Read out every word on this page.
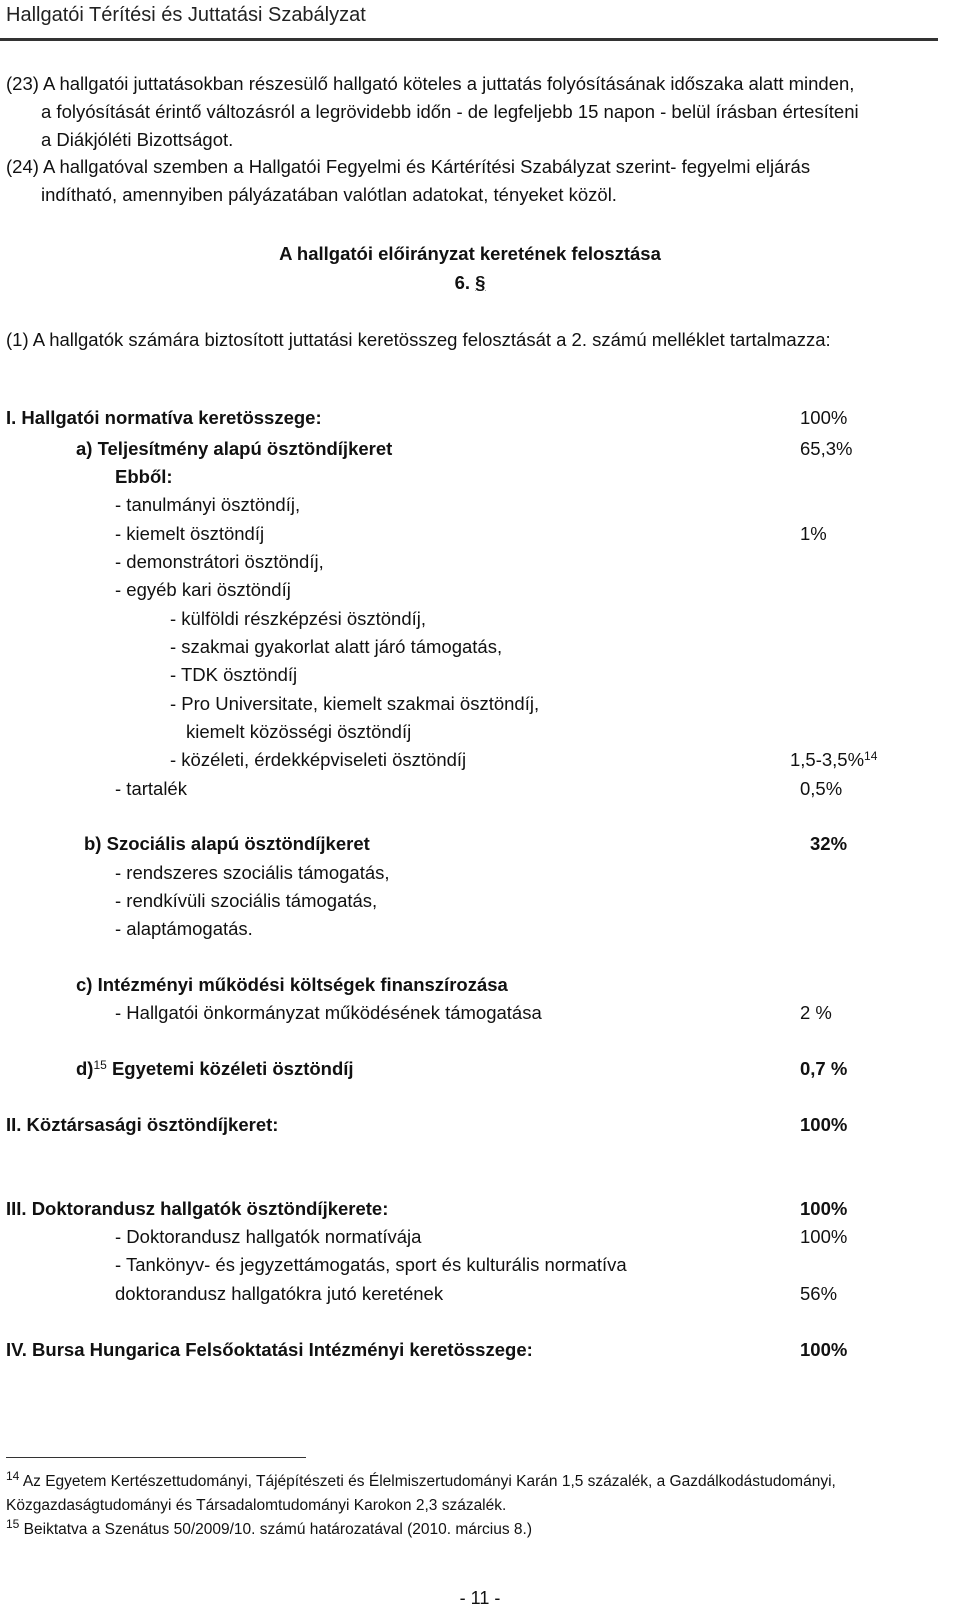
Hallgatói Térítési és Juttatási Szabályzat
(23) A hallgatói juttatásokban részesülő hallgató köteles a juttatás folyósításának időszaka alatt minden,
a folyósítását érintő változásról a legrövidebb időn - de legfeljebb 15 napon - belül írásban értesíteni
a Diákjóléti Bizottságot.
(24) A hallgatóval szemben a Hallgatói Fegyelmi és Kártérítési Szabályzat szerint- fegyelmi eljárás
indítható, amennyiben pályázatában valótlan adatokat, tényeket közöl.
A hallgatói előirányzat keretének felosztása
6. §
(1) A hallgatók számára biztosított juttatási keretösszeg felosztását a 2. számú melléklet tartalmazza:
I. Hallgatói normatíva keretösszege:	100%
a) Teljesítmény alapú ösztöndíjkeret	65,3%
Ebből:
- tanulmányi ösztöndíj,
- kiemelt ösztöndíj	1%
- demonstrátori ösztöndíj,
- egyéb kari ösztöndíj
- külföldi részképzési ösztöndíj,
- szakmai gyakorlat alatt járó támogatás,
- TDK ösztöndíj
- Pro Universitate, kiemelt szakmai ösztöndíj,
kiemelt közösségi ösztöndíj
- közéleti, érdekképviseleti ösztöndíj	1,5-3,5%$^{14}$
- tartalék	0,5%
b) Szociális alapú ösztöndíjkeret	32%
- rendszeres szociális támogatás,
- rendkívüli szociális támogatás,
- alaptámogatás.
c) Intézményi működési költségek finanszírozása
- Hallgatói önkormányzat működésének támogatása	2 %
d)$^{15}$ Egyetemi közéleti ösztöndíj	0,7 %
II. Köztársasági ösztöndíjkeret:	100%
III. Doktorandusz hallgatók ösztöndíjkerete:	100%
- Doktorandusz hallgatók normatívája	100%
- Tankönyv- és jegyzettámogatás, sport és kulturális normatíva
doktorandusz hallgatókra jutó keretének	56%
IV. Bursa Hungarica Felsőoktatási Intézményi keretösszege:	100%
$^{14}$ Az Egyetem Kertészettudományi, Tájépítészeti és Élelmiszertudományi Karán 1,5 százalék, a Gazdálkodástudományi,
Közgazdaságtudományi és Társadalomtudományi Karokon 2,3 százalék.
$^{15}$ Beiktatva a Szenátus 50/2009/10. számú határozatával (2010. március 8.)
- 11 -
